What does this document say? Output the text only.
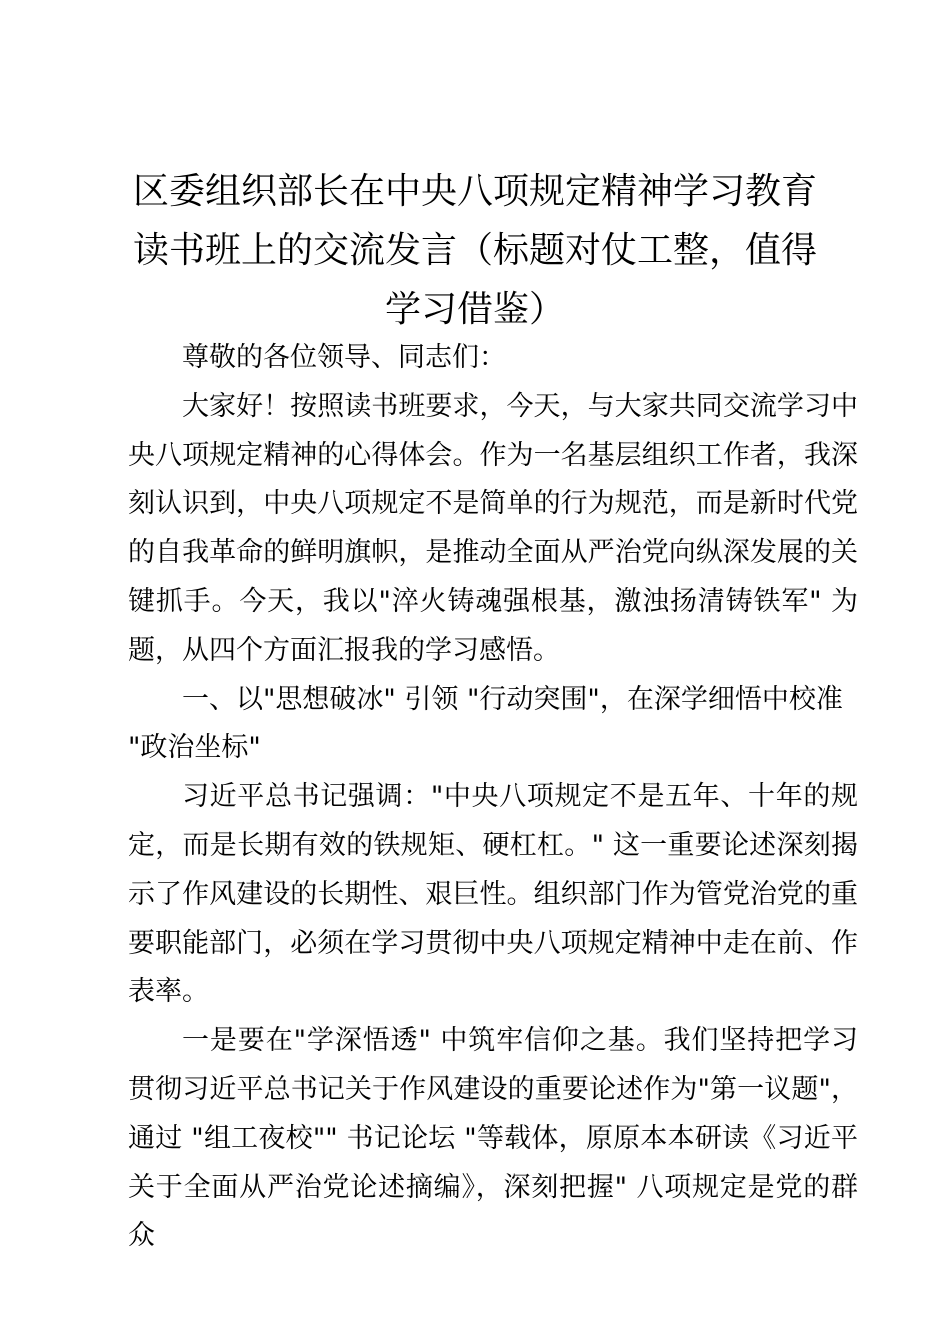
区委组织部长在中央八项规定精神学习教育读书班上的交流发言（标题对仗工整，值得学习借鉴）

尊敬的各位领导、同志们：

大家好！按照读书班要求，今天，与大家共同交流学习中央八项规定精神的心得体会。作为一名基层组织工作者，我深刻认识到，中央八项规定不是简单的行为规范，而是新时代党的自我革命的鲜明旗帜，是推动全面从严治党向纵深发展的关键抓手。今天，我以"淬火铸魂强根基，激浊扬清铸铁军" 为题，从四个方面汇报我的学习感悟。

一、以"思想破冰" 引领 "行动突围"，在深学细悟中校准 "政治坐标"

习近平总书记强调："中央八项规定不是五年、十年的规定，而是长期有效的铁规矩、硬杠杠。" 这一重要论述深刻揭示了作风建设的长期性、艰巨性。组织部门作为管党治党的重要职能部门，必须在学习贯彻中央八项规定精神中走在前、作表率。

一是要在"学深悟透" 中筑牢信仰之基。我们坚持把学习贯彻习近平总书记关于作风建设的重要论述作为"第一议题"，通过 "组工夜校"" 书记论坛 "等载体，原原本本研读《习近平关于全面从严治党论述摘编》，深刻把握" 八项规定是党的群众
